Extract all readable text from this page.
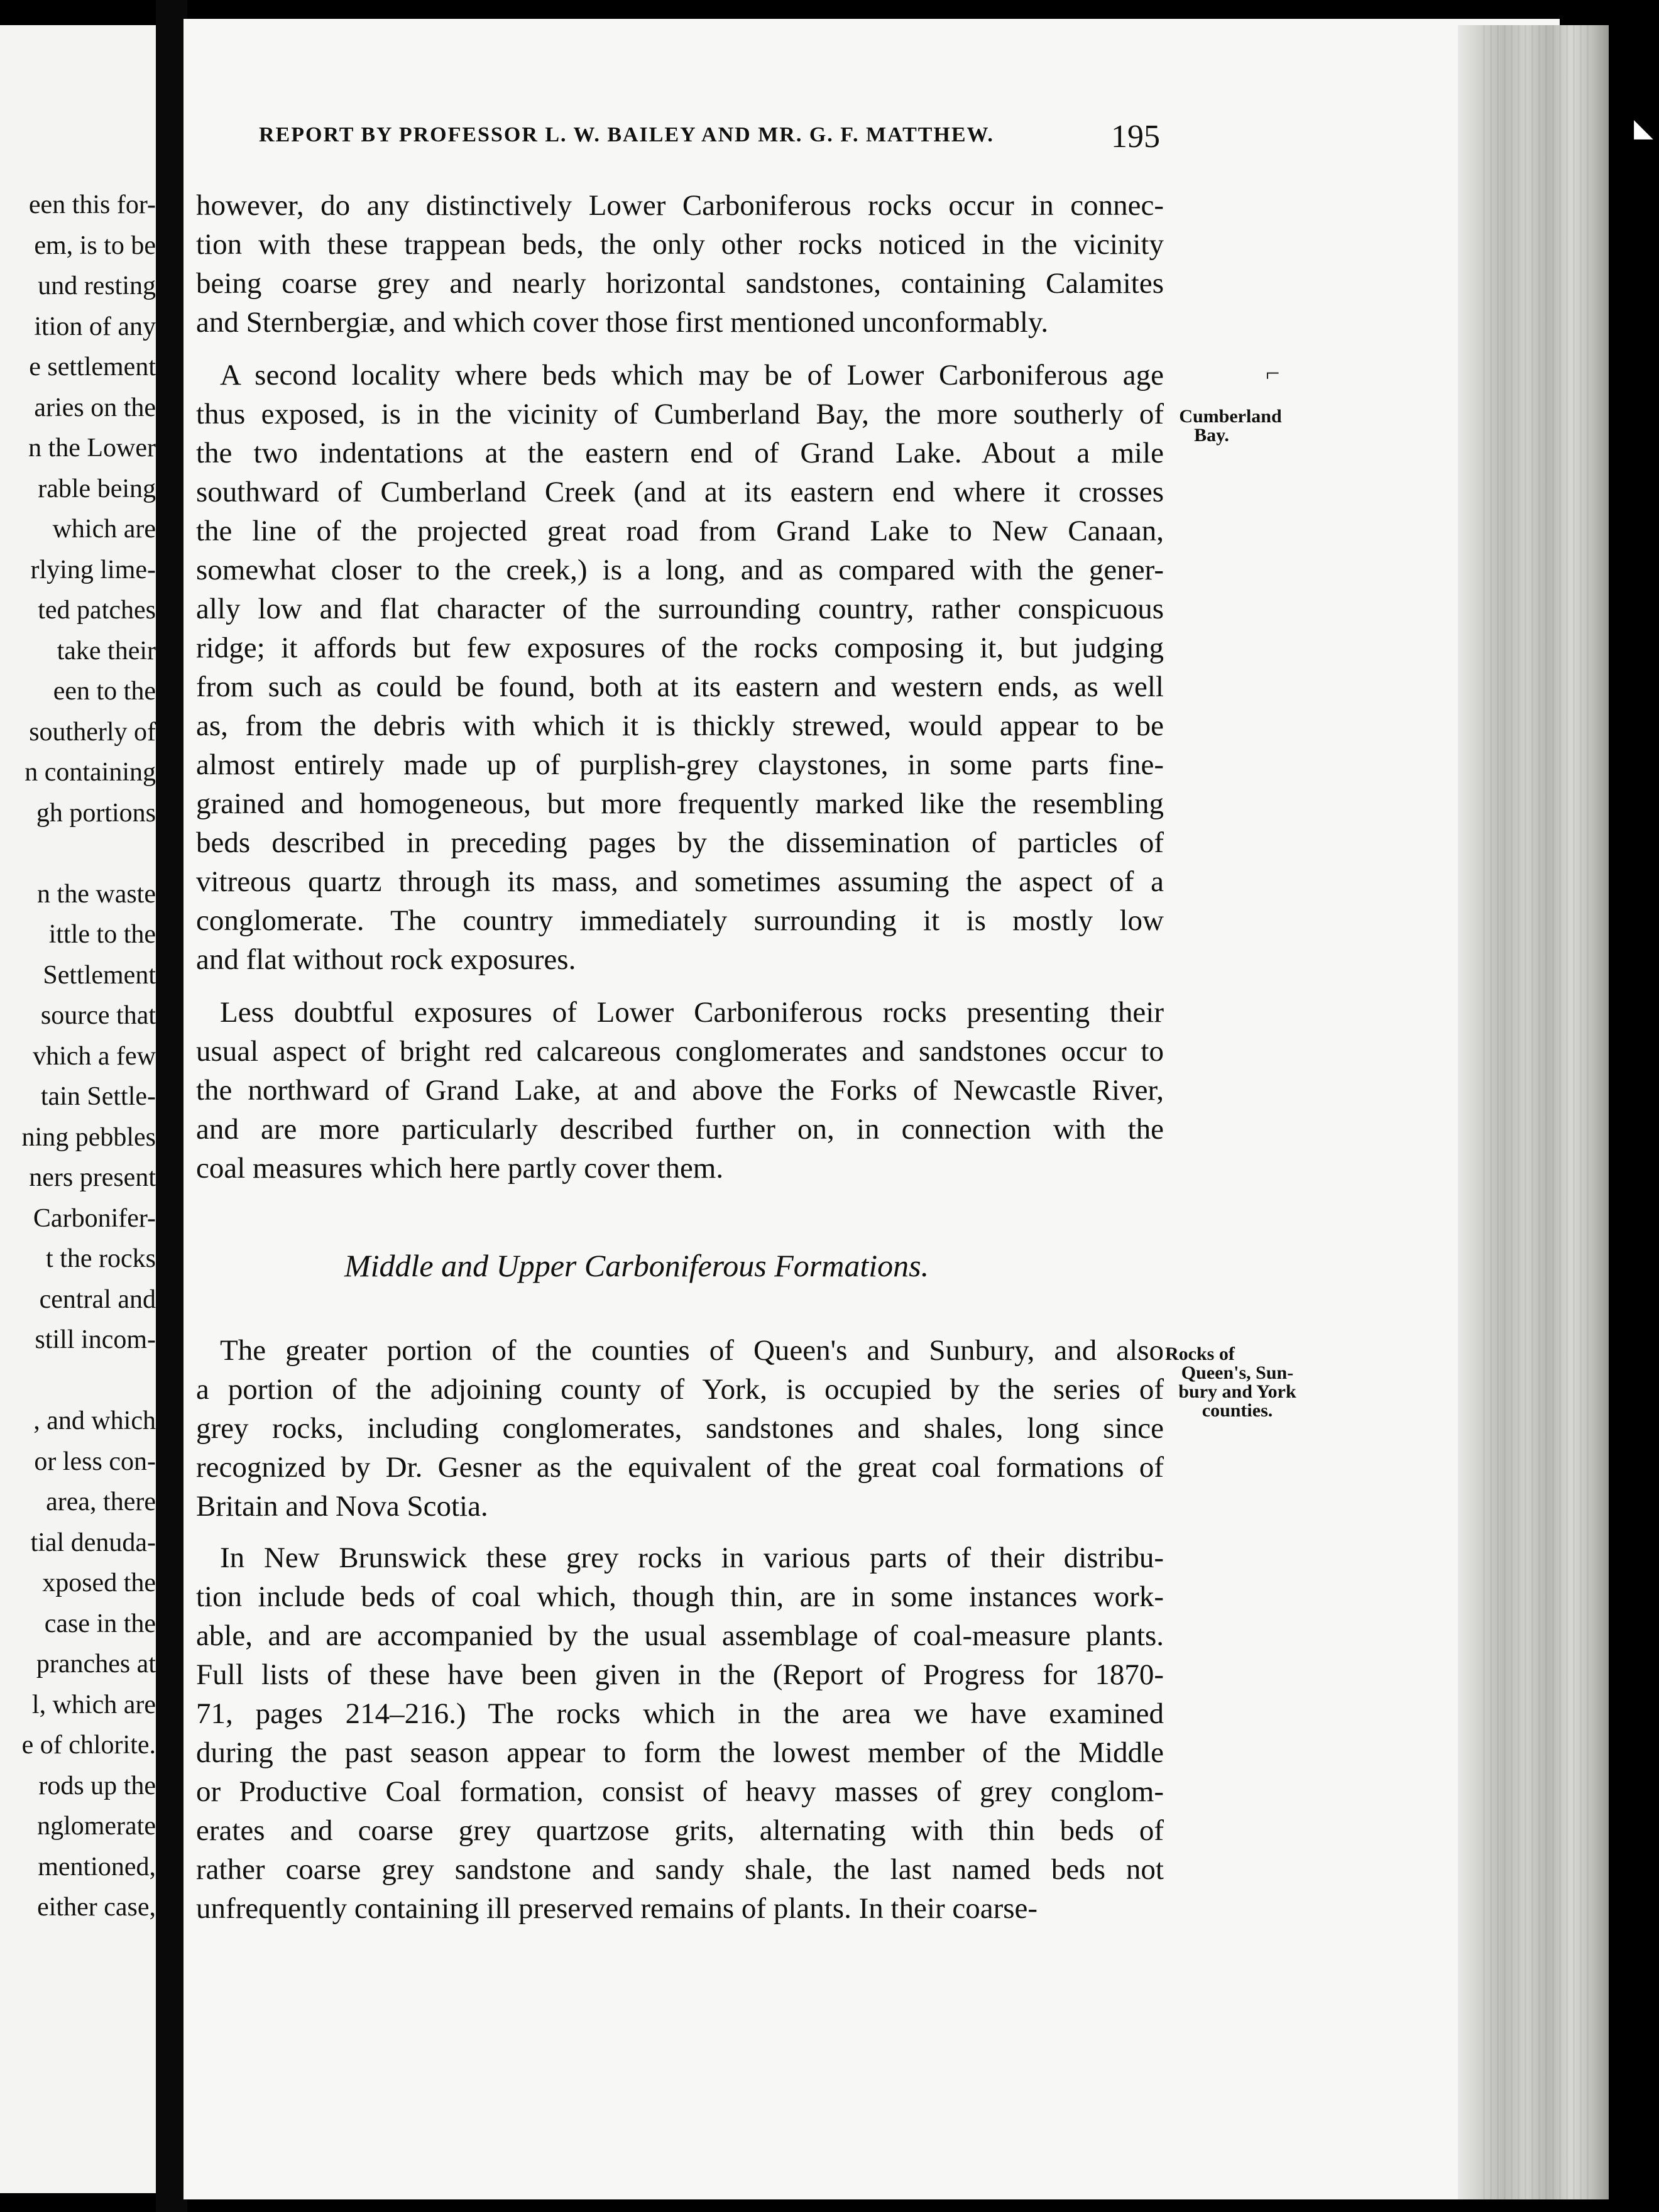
een this for-
em, is to be
und resting
ition of any
e settlement
aries on the
n the Lower
rable being
which are
rlying lime-
ted patches
take their
een to the
southerly of
n containing
gh portions
n the waste
ittle to the
Settlement
source that
vhich a few
tain Settle-
ning pebbles
ners present
Carbonifer-
t the rocks
central and
still incom-
, and which
or less con-
area, there
tial denuda-
xposed the
case in the
pranches at
l, which are
e of chlorite.
rods up the
nglomerate
mentioned,
either case,
REPORT BY PROFESSOR L. W. BAILEY AND MR. G. F. MATTHEW.	195
however, do any distinctively Lower Carboniferous rocks occur in connec-
tion with these trappean beds, the only other rocks noticed in the vicinity
being coarse grey and nearly horizontal sandstones, containing Calamites
and Sternbergiæ, and which cover those first mentioned unconformably.
A second locality where beds which may be of Lower Carboniferous age
thus exposed, is in the vicinity of Cumberland Bay, the more southerly of
the two indentations at the eastern end of Grand Lake. About a mile
southward of Cumberland Creek (and at its eastern end where it crosses
the line of the projected great road from Grand Lake to New Canaan,
somewhat closer to the creek,) is a long, and as compared with the gener-
ally low and flat character of the surrounding country, rather conspicuous
ridge; it affords but few exposures of the rocks composing it, but judging
from such as could be found, both at its eastern and western ends, as well
as, from the debris with which it is thickly strewed, would appear to be
almost entirely made up of purplish-grey claystones, in some parts fine-
grained and homogeneous, but more frequently marked like the resembling
beds described in preceding pages by the dissemination of particles of
vitreous quartz through its mass, and sometimes assuming the aspect of a
conglomerate. The country immediately surrounding it is mostly low
and flat without rock exposures.
Less doubtful exposures of Lower Carboniferous rocks presenting their
usual aspect of bright red calcareous conglomerates and sandstones occur to
the northward of Grand Lake, at and above the Forks of Newcastle River,
and are more particularly described further on, in connection with the
coal measures which here partly cover them.
The greater portion of the counties of Queen's and Sunbury, and also
a portion of the adjoining county of York, is occupied by the series of
grey rocks, including conglomerates, sandstones and shales, long since
recognized by Dr. Gesner as the equivalent of the great coal formations of
Britain and Nova Scotia.
In New Brunswick these grey rocks in various parts of their distribu-
tion include beds of coal which, though thin, are in some instances work-
able, and are accompanied by the usual assemblage of coal-measure plants.
Full lists of these have been given in the (Report of Progress for 1870-
71, pages 214–216.) The rocks which in the area we have examined
during the past season appear to form the lowest member of the Middle
or Productive Coal formation, consist of heavy masses of grey conglom-
erates and coarse grey quartzose grits, alternating with thin beds of
rather coarse grey sandstone and sandy shale, the last named beds not
unfrequently containing ill preserved remains of plants. In their coarse-
Middle and Upper Carboniferous Formations.
Cumberland
Bay.
Rocks of
Queen's, Sun-
bury and York
counties.
⌐
◣
